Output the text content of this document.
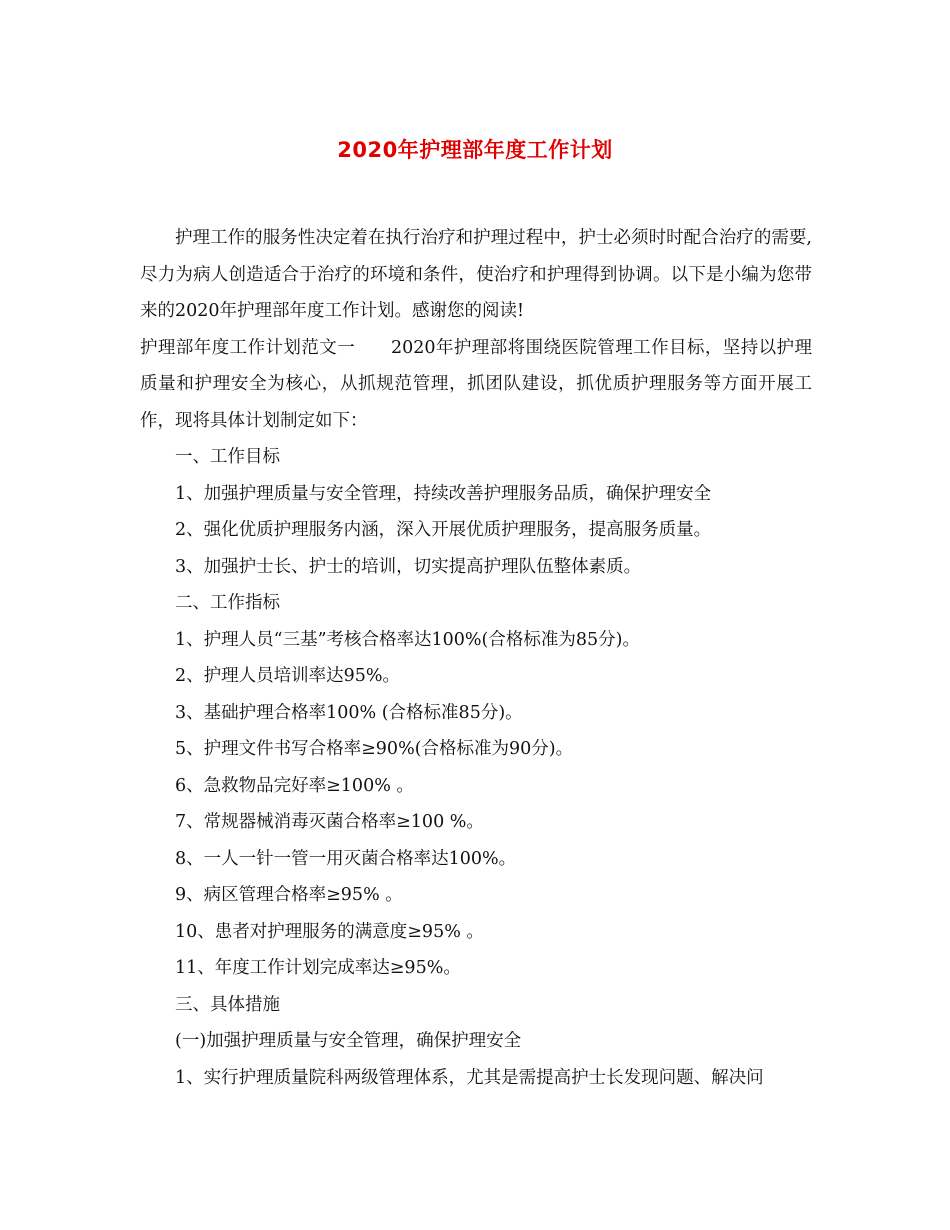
2020年护理部年度工作计划

护理工作的服务性决定着在执行治疗和护理过程中，护士必须时时配合治疗的需要,尽力为病人创造适合于治疗的环境和条件，使治疗和护理得到协调。以下是小编为您带来的2020年护理部年度工作计划。感谢您的阅读!

护理部年度工作计划范文一　　2020年护理部将围绕医院管理工作目标，坚持以护理质量和护理安全为核心，从抓规范管理，抓团队建设，抓优质护理服务等方面开展工作，现将具体计划制定如下：

一、工作目标

1、加强护理质量与安全管理，持续改善护理服务品质，确保护理安全

2、强化优质护理服务内涵，深入开展优质护理服务，提高服务质量。

3、加强护士长、护士的培训，切实提高护理队伍整体素质。

二、工作指标

1、护理人员“三基”考核合格率达100%(合格标准为85分)。

2、护理人员培训率达95%。

3、基础护理合格率100% (合格标准85分)。

5、护理文件书写合格率≥90%(合格标准为90分)。

6、急救物品完好率≥100% 。

7、常规器械消毒灭菌合格率≥100 %。

8、一人一针一管一用灭菌合格率达100%。

9、病区管理合格率≥95% 。

10、患者对护理服务的满意度≥95% 。

11、年度工作计划完成率达≥95%。

三、具体措施

(一)加强护理质量与安全管理，确保护理安全

1、实行护理质量院科两级管理体系，尤其是需提高护士长发现问题、解决问
